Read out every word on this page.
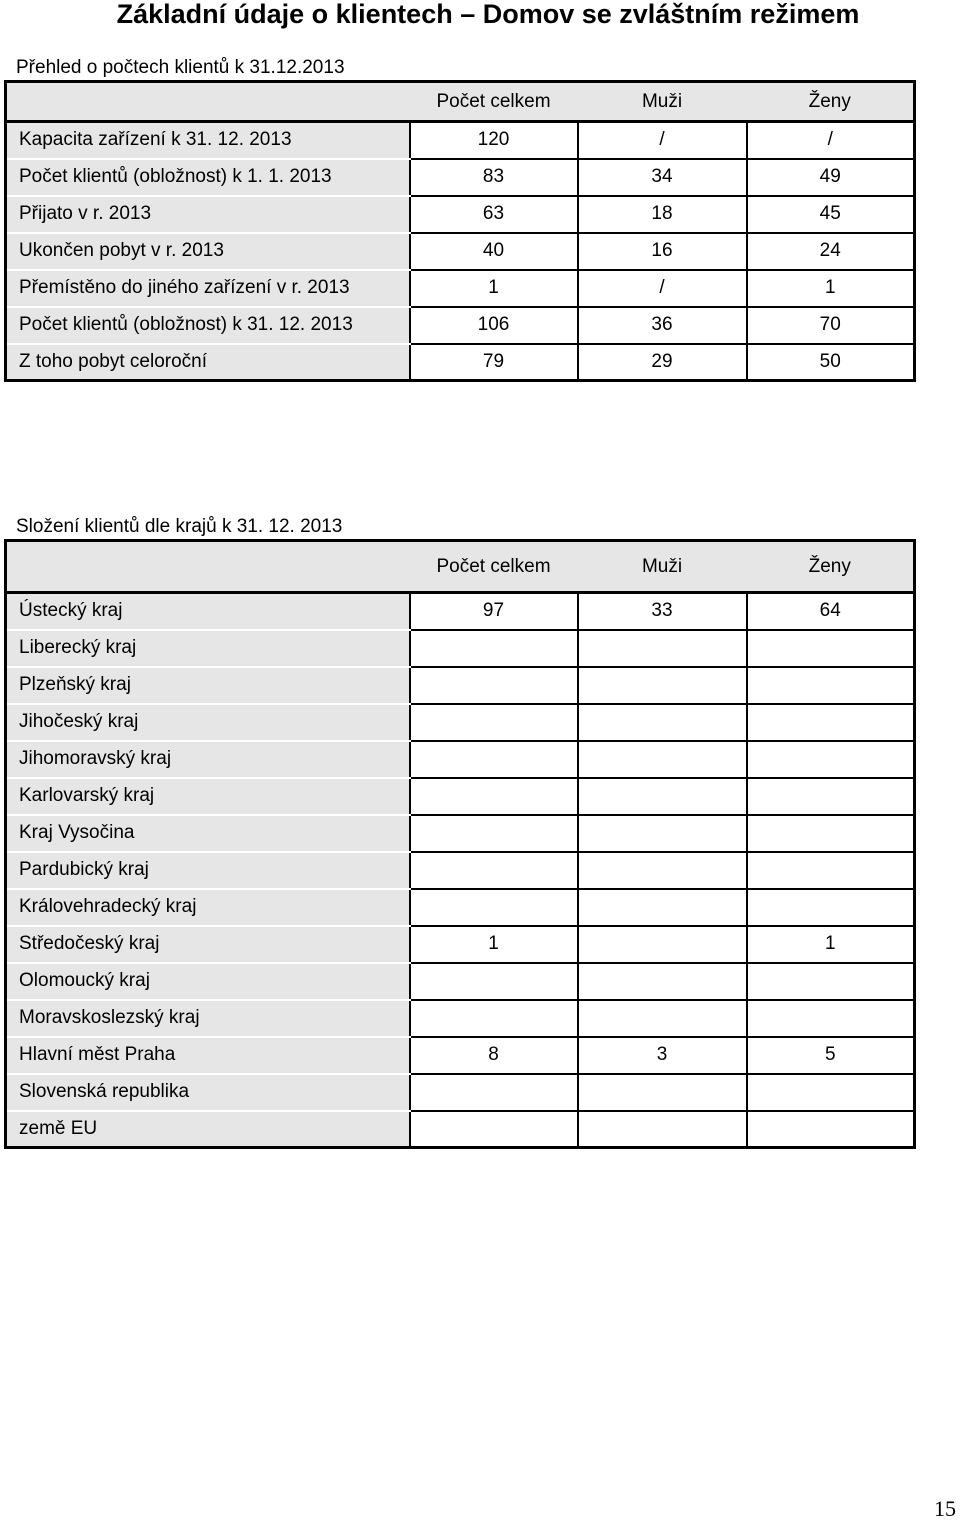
Základní údaje o klientech – Domov se zvláštním režimem
Přehled o počtech klientů k 31.12.2013
	Počet celkem	Muži	Ženy
Kapacita zařízení k 31. 12. 2013	120	/	/
Počet klientů (obložnost) k 1. 1. 2013	83	34	49
Přijato v r. 2013	63	18	45
Ukončen pobyt v r. 2013	40	16	24
Přemístěno do jiného zařízení v r. 2013	1	/	1
Počet klientů (obložnost) k 31. 12. 2013	106	36	70
Z toho pobyt celoroční	79	29	50
Složení klientů dle krajů k 31. 12. 2013
	Počet celkem	Muži	Ženy
Ústecký kraj	97	33	64
Liberecký kraj			
Plzeňský kraj			
Jihočeský kraj			
Jihomoravský kraj			
Karlovarský kraj			
Kraj Vysočina			
Pardubický kraj			
Královehradecký kraj			
Středočeský kraj	1		1
Olomoucký kraj			
Moravskoslezský kraj			
Hlavní měst Praha	8	3	5
Slovenská republika			
země EU			
15
